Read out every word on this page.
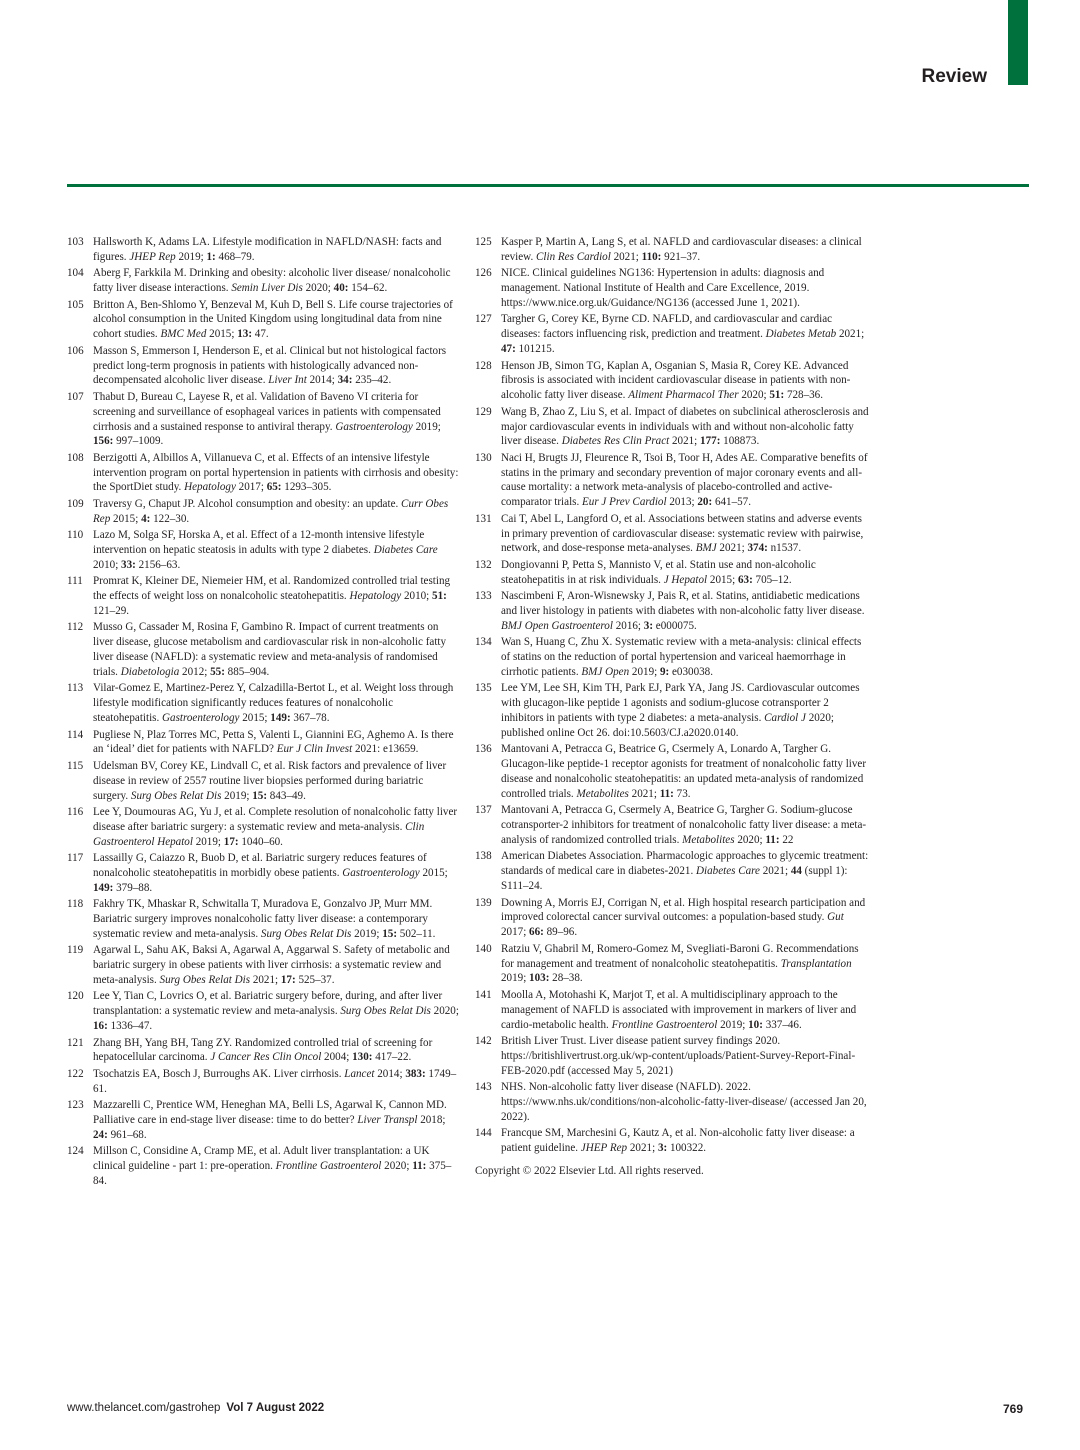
Review
103 Hallsworth K, Adams LA. Lifestyle modification in NAFLD/NASH: facts and figures. JHEP Rep 2019; 1: 468–79.
104 Aberg F, Farkkila M. Drinking and obesity: alcoholic liver disease/ nonalcoholic fatty liver disease interactions. Semin Liver Dis 2020; 40: 154–62.
105 Britton A, Ben-Shlomo Y, Benzeval M, Kuh D, Bell S. Life course trajectories of alcohol consumption in the United Kingdom using longitudinal data from nine cohort studies. BMC Med 2015; 13: 47.
106 Masson S, Emmerson I, Henderson E, et al. Clinical but not histological factors predict long-term prognosis in patients with histologically advanced non-decompensated alcoholic liver disease. Liver Int 2014; 34: 235–42.
107 Thabut D, Bureau C, Layese R, et al. Validation of Baveno VI criteria for screening and surveillance of esophageal varices in patients with compensated cirrhosis and a sustained response to antiviral therapy. Gastroenterology 2019; 156: 997–1009.
108 Berzigotti A, Albillos A, Villanueva C, et al. Effects of an intensive lifestyle intervention program on portal hypertension in patients with cirrhosis and obesity: the SportDiet study. Hepatology 2017; 65: 1293–305.
109 Traversy G, Chaput JP. Alcohol consumption and obesity: an update. Curr Obes Rep 2015; 4: 122–30.
110 Lazo M, Solga SF, Horska A, et al. Effect of a 12-month intensive lifestyle intervention on hepatic steatosis in adults with type 2 diabetes. Diabetes Care 2010; 33: 2156–63.
111 Promrat K, Kleiner DE, Niemeier HM, et al. Randomized controlled trial testing the effects of weight loss on nonalcoholic steatohepatitis. Hepatology 2010; 51: 121–29.
112 Musso G, Cassader M, Rosina F, Gambino R. Impact of current treatments on liver disease, glucose metabolism and cardiovascular risk in non-alcoholic fatty liver disease (NAFLD): a systematic review and meta-analysis of randomised trials. Diabetologia 2012; 55: 885–904.
113 Vilar-Gomez E, Martinez-Perez Y, Calzadilla-Bertot L, et al. Weight loss through lifestyle modification significantly reduces features of nonalcoholic steatohepatitis. Gastroenterology 2015; 149: 367–78.
114 Pugliese N, Plaz Torres MC, Petta S, Valenti L, Giannini EG, Aghemo A. Is there an ‘ideal’ diet for patients with NAFLD? Eur J Clin Invest 2021: e13659.
115 Udelsman BV, Corey KE, Lindvall C, et al. Risk factors and prevalence of liver disease in review of 2557 routine liver biopsies performed during bariatric surgery. Surg Obes Relat Dis 2019; 15: 843–49.
116 Lee Y, Doumouras AG, Yu J, et al. Complete resolution of nonalcoholic fatty liver disease after bariatric surgery: a systematic review and meta-analysis. Clin Gastroenterol Hepatol 2019; 17: 1040–60.
117 Lassailly G, Caiazzo R, Buob D, et al. Bariatric surgery reduces features of nonalcoholic steatohepatitis in morbidly obese patients. Gastroenterology 2015; 149: 379–88.
118 Fakhry TK, Mhaskar R, Schwitalla T, Muradova E, Gonzalvo JP, Murr MM. Bariatric surgery improves nonalcoholic fatty liver disease: a contemporary systematic review and meta-analysis. Surg Obes Relat Dis 2019; 15: 502–11.
119 Agarwal L, Sahu AK, Baksi A, Agarwal A, Aggarwal S. Safety of metabolic and bariatric surgery in obese patients with liver cirrhosis: a systematic review and meta-analysis. Surg Obes Relat Dis 2021; 17: 525–37.
120 Lee Y, Tian C, Lovrics O, et al. Bariatric surgery before, during, and after liver transplantation: a systematic review and meta-analysis. Surg Obes Relat Dis 2020; 16: 1336–47.
121 Zhang BH, Yang BH, Tang ZY. Randomized controlled trial of screening for hepatocellular carcinoma. J Cancer Res Clin Oncol 2004; 130: 417–22.
122 Tsochatzis EA, Bosch J, Burroughs AK. Liver cirrhosis. Lancet 2014; 383: 1749–61.
123 Mazzarelli C, Prentice WM, Heneghan MA, Belli LS, Agarwal K, Cannon MD. Palliative care in end-stage liver disease: time to do better? Liver Transpl 2018; 24: 961–68.
124 Millson C, Considine A, Cramp ME, et al. Adult liver transplantation: a UK clinical guideline - part 1: pre-operation. Frontline Gastroenterol 2020; 11: 375–84.
125 Kasper P, Martin A, Lang S, et al. NAFLD and cardiovascular diseases: a clinical review. Clin Res Cardiol 2021; 110: 921–37.
126 NICE. Clinical guidelines NG136: Hypertension in adults: diagnosis and management. National Institute of Health and Care Excellence, 2019. https://www.nice.org.uk/Guidance/NG136 (accessed June 1, 2021).
127 Targher G, Corey KE, Byrne CD. NAFLD, and cardiovascular and cardiac diseases: factors influencing risk, prediction and treatment. Diabetes Metab 2021; 47: 101215.
128 Henson JB, Simon TG, Kaplan A, Osganian S, Masia R, Corey KE. Advanced fibrosis is associated with incident cardiovascular disease in patients with non-alcoholic fatty liver disease. Aliment Pharmacol Ther 2020; 51: 728–36.
129 Wang B, Zhao Z, Liu S, et al. Impact of diabetes on subclinical atherosclerosis and major cardiovascular events in individuals with and without non-alcoholic fatty liver disease. Diabetes Res Clin Pract 2021; 177: 108873.
130 Naci H, Brugts JJ, Fleurence R, Tsoi B, Toor H, Ades AE. Comparative benefits of statins in the primary and secondary prevention of major coronary events and all-cause mortality: a network meta-analysis of placebo-controlled and active-comparator trials. Eur J Prev Cardiol 2013; 20: 641–57.
131 Cai T, Abel L, Langford O, et al. Associations between statins and adverse events in primary prevention of cardiovascular disease: systematic review with pairwise, network, and dose-response meta-analyses. BMJ 2021; 374: n1537.
132 Dongiovanni P, Petta S, Mannisto V, et al. Statin use and non-alcoholic steatohepatitis in at risk individuals. J Hepatol 2015; 63: 705–12.
133 Nascimbeni F, Aron-Wisnewsky J, Pais R, et al. Statins, antidiabetic medications and liver histology in patients with diabetes with non-alcoholic fatty liver disease. BMJ Open Gastroenterol 2016; 3: e000075.
134 Wan S, Huang C, Zhu X. Systematic review with a meta-analysis: clinical effects of statins on the reduction of portal hypertension and variceal haemorrhage in cirrhotic patients. BMJ Open 2019; 9: e030038.
135 Lee YM, Lee SH, Kim TH, Park EJ, Park YA, Jang JS. Cardiovascular outcomes with glucagon-like peptide 1 agonists and sodium-glucose cotransporter 2 inhibitors in patients with type 2 diabetes: a meta-analysis. Cardiol J 2020; published online Oct 26. doi:10.5603/CJ.a2020.0140.
136 Mantovani A, Petracca G, Beatrice G, Csermely A, Lonardo A, Targher G. Glucagon-like peptide-1 receptor agonists for treatment of nonalcoholic fatty liver disease and nonalcoholic steatohepatitis: an updated meta-analysis of randomized controlled trials. Metabolites 2021; 11: 73.
137 Mantovani A, Petracca G, Csermely A, Beatrice G, Targher G. Sodium-glucose cotransporter-2 inhibitors for treatment of nonalcoholic fatty liver disease: a meta-analysis of randomized controlled trials. Metabolites 2020; 11: 22
138 American Diabetes Association. Pharmacologic approaches to glycemic treatment: standards of medical care in diabetes-2021. Diabetes Care 2021; 44 (suppl 1): S111–24.
139 Downing A, Morris EJ, Corrigan N, et al. High hospital research participation and improved colorectal cancer survival outcomes: a population-based study. Gut 2017; 66: 89–96.
140 Ratziu V, Ghabril M, Romero-Gomez M, Svegliati-Baroni G. Recommendations for management and treatment of nonalcoholic steatohepatitis. Transplantation 2019; 103: 28–38.
141 Moolla A, Motohashi K, Marjot T, et al. A multidisciplinary approach to the management of NAFLD is associated with improvement in markers of liver and cardio-metabolic health. Frontline Gastroenterol 2019; 10: 337–46.
142 British Liver Trust. Liver disease patient survey findings 2020. https://britishlivertrust.org.uk/wp-content/uploads/Patient-Survey-Report-Final-FEB-2020.pdf (accessed May 5, 2021)
143 NHS. Non-alcoholic fatty liver disease (NAFLD). 2022. https://www.nhs.uk/conditions/non-alcoholic-fatty-liver-disease/ (accessed Jan 20, 2022).
144 Francque SM, Marchesini G, Kautz A, et al. Non-alcoholic fatty liver disease: a patient guideline. JHEP Rep 2021; 3: 100322.
Copyright © 2022 Elsevier Ltd. All rights reserved.
www.thelancet.com/gastrohep Vol 7 August 2022	769
